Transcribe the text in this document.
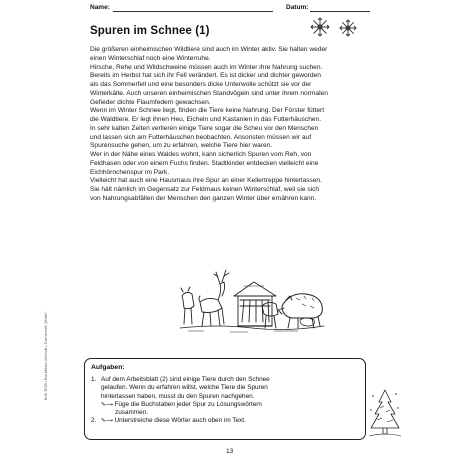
Name:	Datum:
Spuren im Schnee (1)

Die größeren einheimischen Wildtiere sind auch im Winter aktiv. Sie halten weder

einen Winterschlaf noch eine Winterruhe.

Hirsche, Rehe und Wildschweine müssen auch im Winter ihre Nahrung suchen.

Bereits im Herbst hat sich ihr Fell verändert. Es ist dicker und dichter geworden

als das Sommerfell und eine besonders dicke Unterwolle schützt sie vor der

Winterkälte. Auch unseren einheimischen Standvögeln sind unter ihrem normalen

Gefieder dichte Flaumfedern gewachsen.

Wenn im Winter Schnee liegt, finden die Tiere keine Nahrung. Der Förster füttert

die Waldtiere. Er legt ihnen Heu, Eicheln und Kastanien in das Futterhäuschen.

In sehr kalten Zeiten verlieren einige Tiere sogar die Scheu vor den Menschen

und lassen sich am Futterhäuschen beobachten. Ansonsten müssen wir auf

Spurensuche gehen, um zu erfahren, welche Tiere hier waren.

Wer in der Nähe eines Waldes wohnt, kann sicherlich Spuren vom Reh, von

Feldhasen oder von einem Fuchs finden. Stadtkinder entdecken vielleicht eine

Eichhörnchenspur im Park.

Vielleicht hat auch eine Hausmaus ihre Spur an einer Kellertreppe hinterlassen.

Sie hält nämlich im Gegensatz zur Feldmaus keinen Winterschlaf, weil sie sich

von Nahrungsabfällen der Menschen den ganzen Winter über ernähren kann.

BVK TK55 • Eva Mikisic-Schmidt • Themenheft „Winter"	Aufgaben:
1. Auf dem Arbeitsblatt (2) sind einige Tiere durch den Schnee
gelaufen. Wenn du erfahren willst, welche Tiere die Spuren
hinterlassen haben, musst du den Spuren nachgehen.
✎⟶ Füge die Buchstaben jeder Spur zu Lösungswörtern
zusammen.
2. ✎⟶ Unterstreiche diese Wörter auch oben im Text.
13
